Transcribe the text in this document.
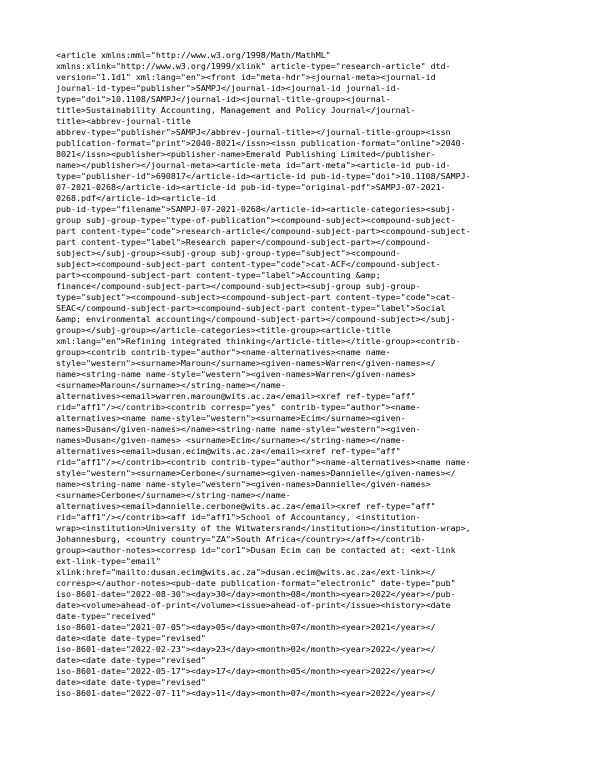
<article xmlns:mml="http://www.w3.org/1998/Math/MathML"
xmlns:xlink="http://www.w3.org/1999/xlink" article-type="research-article" dtd-
version="1.1d1" xml:lang="en"><front id="meta-hdr"><journal-meta><journal-id
journal-id-type="publisher">SAMPJ</journal-id><journal-id journal-id-
type="doi">10.1108/SAMPJ</journal-id><journal-title-group><journal-
title>Sustainability Accounting, Management and Policy Journal</journal-
title><abbrev-journal-title
abbrev-type="publisher">SAMPJ</abbrev-journal-title></journal-title-group><issn
publication-format="print">2040-8021</issn><issn publication-format="online">2040-
8021</issn><publisher><publisher-name>Emerald Publishing Limited</publisher-
name></publisher></journal-meta><article-meta id="art-meta"><article-id pub-id-
type="publisher-id">690817</article-id><article-id pub-id-type="doi">10.1108/SAMPJ-
07-2021-0268</article-id><article-id pub-id-type="original-pdf">SAMPJ-07-2021-
0268.pdf</article-id><article-id
pub-id-type="filename">SAMPJ-07-2021-0268</article-id><article-categories><subj-
group subj-group-type="type-of-publication"><compound-subject><compound-subject-
part content-type="code">research-article</compound-subject-part><compound-subject-
part content-type="label">Research paper</compound-subject-part></compound-
subject></subj-group><subj-group subj-group-type="subject"><compound-
subject><compound-subject-part content-type="code">cat-ACF</compound-subject-
part><compound-subject-part content-type="label">Accounting &amp;
finance</compound-subject-part></compound-subject><subj-group subj-group-
type="subject"><compound-subject><compound-subject-part content-type="code">cat-
SEAC</compound-subject-part><compound-subject-part content-type="label">Social
&amp; environmental accounting</compound-subject-part></compound-subject></subj-
group></subj-group></article-categories><title-group><article-title
xml:lang="en">Refining integrated thinking</article-title></title-group><contrib-
group><contrib contrib-type="author"><name-alternatives><name name-
style="western"><surname>Maroun</surname><given-names>Warren</given-names></
name><string-name name-style="western"><given-names>Warren</given-names>
<surname>Maroun</surname></string-name></name-
alternatives><email>warren.maroun@wits.ac.za</email><xref ref-type="aff"
rid="aff1"/></contrib><contrib corresp="yes" contrib-type="author"><name-
alternatives><name name-style="western"><surname>Ecim</surname><given-
names>Dusan</given-names></name><string-name name-style="western"><given-
names>Dusan</given-names> <surname>Ecim</surname></string-name></name-
alternatives><email>dusan.ecim@wits.ac.za</email><xref ref-type="aff"
rid="aff1"/></contrib><contrib contrib-type="author"><name-alternatives><name name-
style="western"><surname>Cerbone</surname><given-names>Dannielle</given-names></
name><string-name name-style="western"><given-names>Dannielle</given-names>
<surname>Cerbone</surname></string-name></name-
alternatives><email>dannielle.cerbone@wits.ac.za</email><xref ref-type="aff"
rid="aff1"/></contrib><aff id="aff1">School of Accountancy, <institution-
wrap><institution>University of the Witwatersrand</institution></institution-wrap>,
Johannesburg, <country country="ZA">South Africa</country></aff></contrib-
group><author-notes><corresp id="cor1">Dusan Ecim can be contacted at: <ext-link
ext-link-type="email"
xlink:href="mailto:dusan.ecim@wits.ac.za">dusan.ecim@wits.ac.za</ext-link></
corresp></author-notes><pub-date publication-format="electronic" date-type="pub"
iso-8601-date="2022-08-30"><day>30</day><month>08</month><year>2022</year></pub-
date><volume>ahead-of-print</volume><issue>ahead-of-print</issue><history><date
date-type="received"
iso-8601-date="2021-07-05"><day>05</day><month>07</month><year>2021</year></
date><date date-type="revised"
iso-8601-date="2022-02-23"><day>23</day><month>02</month><year>2022</year></
date><date date-type="revised"
iso-8601-date="2022-05-17"><day>17</day><month>05</month><year>2022</year></
date><date date-type="revised"
iso-8601-date="2022-07-11"><day>11</day><month>07</month><year>2022</year></
